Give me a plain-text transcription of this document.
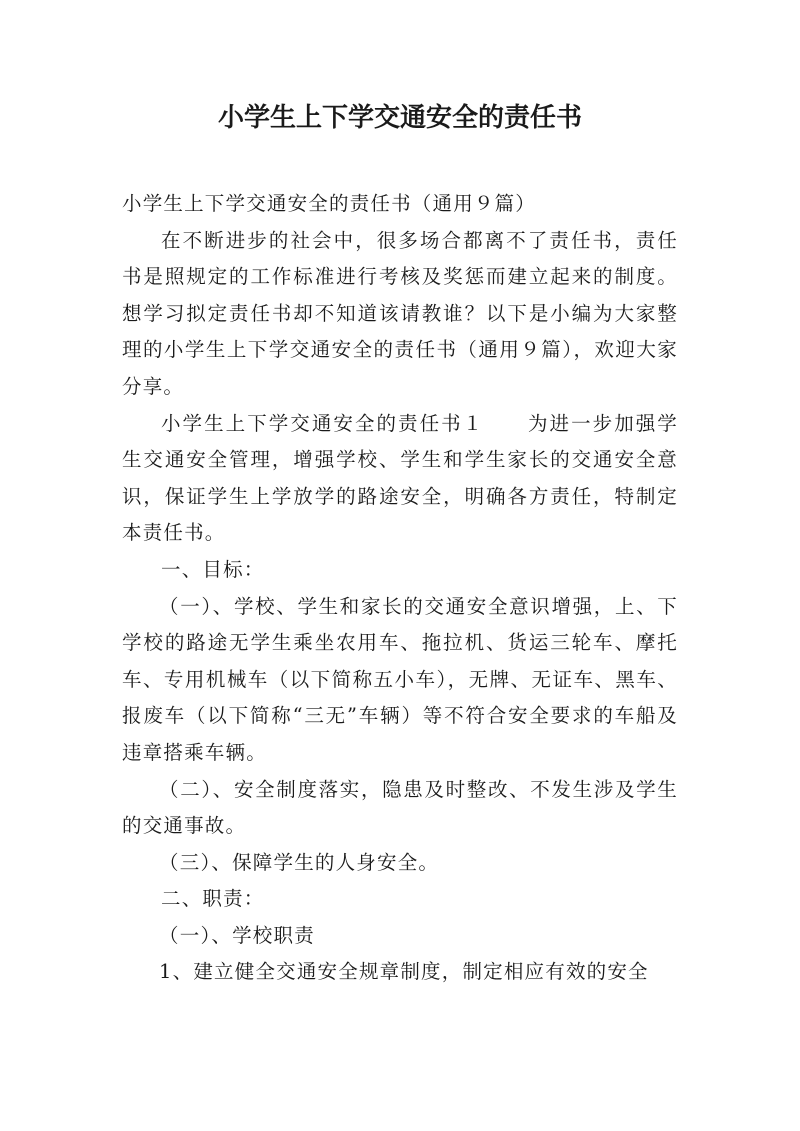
小学生上下学交通安全的责任书

小学生上下学交通安全的责任书（通用９篇）

在不断进步的社会中，很多场合都离不了责任书，责任书是照规定的工作标准进行考核及奖惩而建立起来的制度。想学习拟定责任书却不知道该请教谁？以下是小编为大家整理的小学生上下学交通安全的责任书（通用９篇），欢迎大家分享。

小学生上下学交通安全的责任书１ 为进一步加强学生交通安全管理，增强学校、学生和学生家长的交通安全意识，保证学生上学放学的路途安全，明确各方责任，特制定本责任书。

一、目标：

（一）、学校、学生和家长的交通安全意识增强，上、下学校的路途无学生乘坐农用车、拖拉机、货运三轮车、摩托车、专用机械车（以下简称五小车），无牌、无证车、黑车、报废车（以下简称“三无”车辆）等不符合安全要求的车船及违章搭乘车辆。

（二）、安全制度落实，隐患及时整改、不发生涉及学生的交通事故。

（三）、保障学生的人身安全。

二、职责：

（一）、学校职责

1、建立健全交通安全规章制度，制定相应有效的安全
